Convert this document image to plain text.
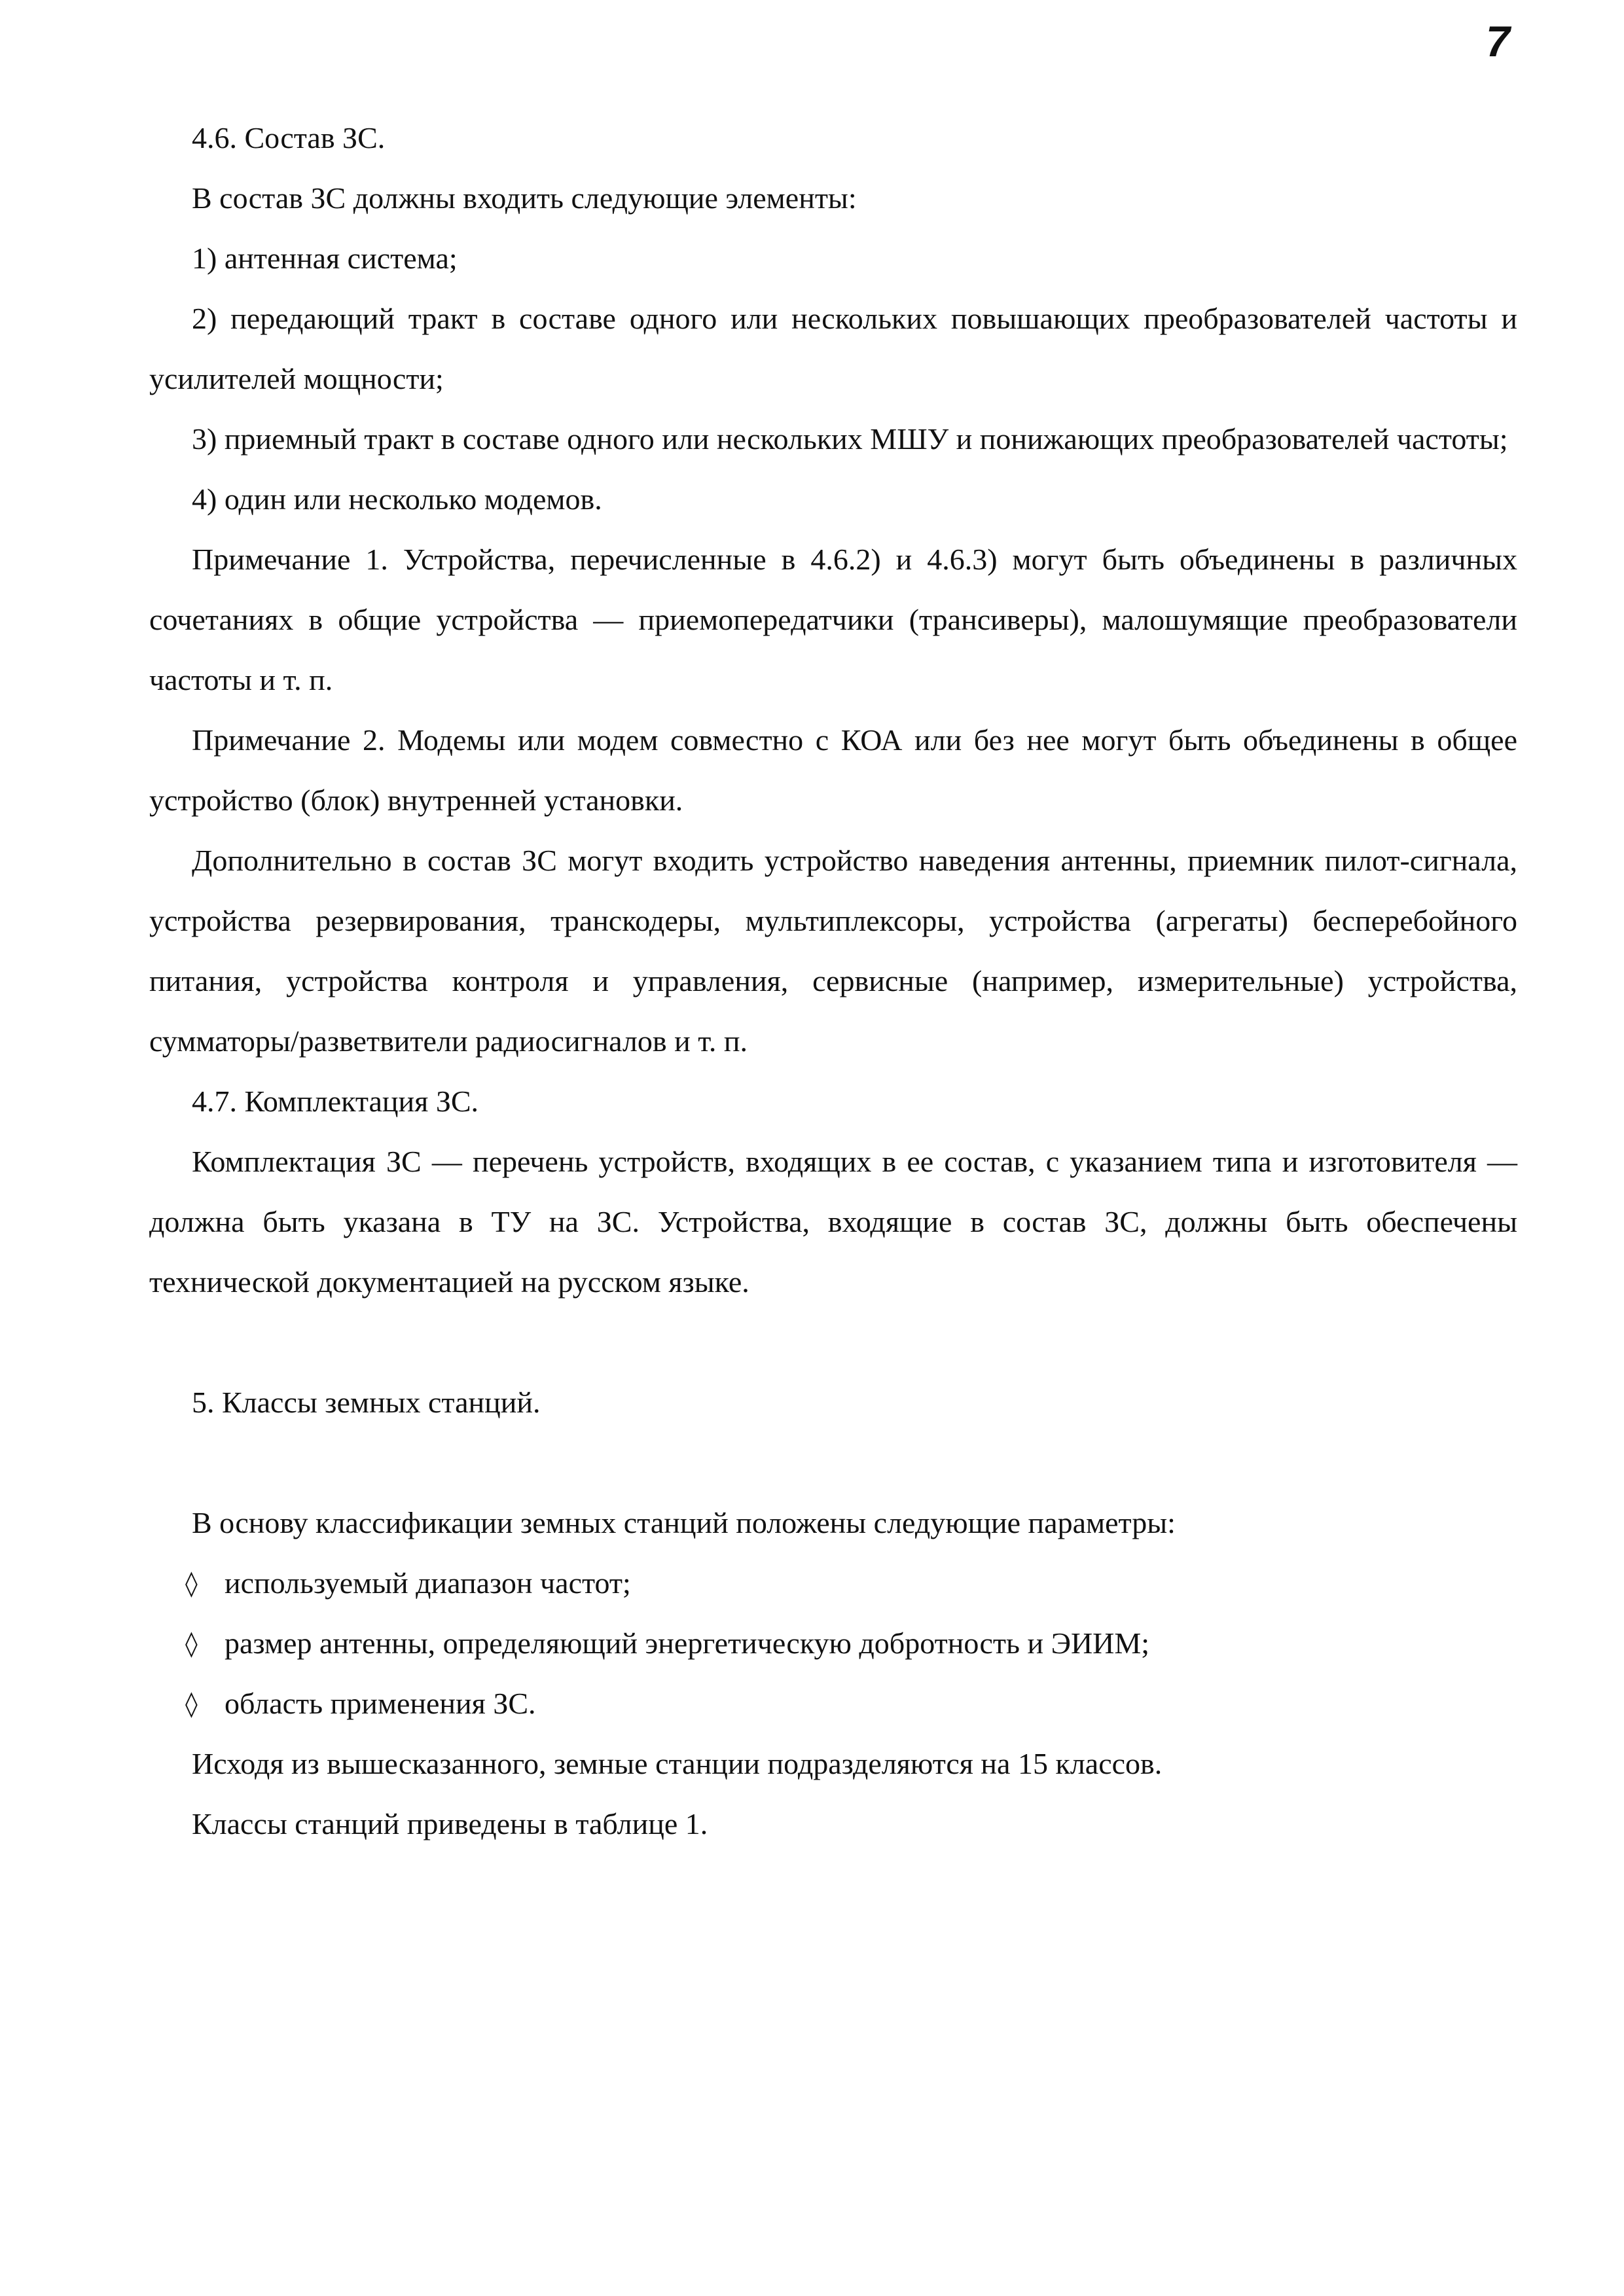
7

4.6. Состав ЗС.

В состав ЗС должны входить следующие элементы:

1) антенная система;

2) передающий тракт в составе одного или нескольких повышающих преобразователей частоты и усилителей мощности;

3) приемный тракт в составе одного или нескольких МШУ и понижающих преобразователей частоты;

4) один или несколько модемов.

Примечание 1. Устройства, перечисленные в 4.6.2) и 4.6.3) могут быть объединены в различных сочетаниях в общие устройства — приемопередатчики (трансиверы), малошумящие преобразователи частоты и т. п.

Примечание 2. Модемы или модем совместно с КОА или без нее могут быть объединены в общее устройство (блок) внутренней установки.

Дополнительно в состав ЗС могут входить устройство наведения антенны, приемник пилот-сигнала, устройства резервирования, транскодеры, мультиплексоры, устройства (агрегаты) бесперебойного питания, устройства контроля и управления, сервисные (например, измерительные) устройства, сумматоры/разветвители радиосигналов и т. п.

4.7. Комплектация ЗС.

Комплектация ЗС — перечень устройств, входящих в ее состав, с указанием типа и изготовителя — должна быть указана в ТУ на ЗС. Устройства, входящие в состав ЗС, должны быть обеспечены технической документацией на русском языке.

5. Классы земных станций.

В основу классификации земных станций положены следующие параметры:

◊ используемый диапазон частот;
◊ размер антенны, определяющий энергетическую добротность и ЭИИМ;
◊ область применения ЗС.

Исходя из вышесказанного, земные станции подразделяются на 15 классов.

Классы станций приведены в таблице 1.
